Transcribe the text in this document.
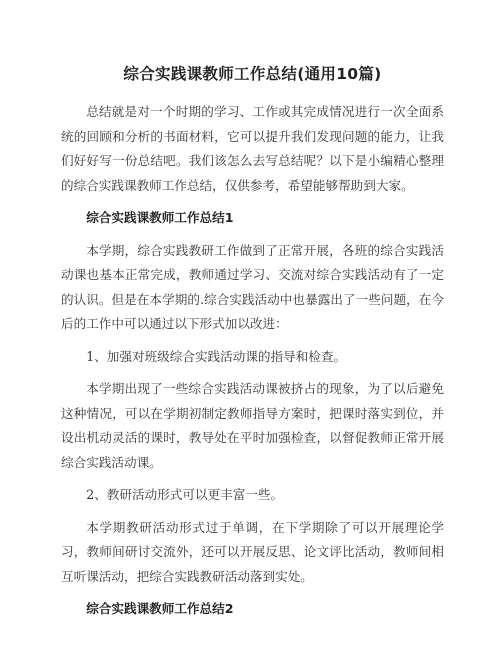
综合实践课教师工作总结(通用10篇)

总结就是对一个时期的学习、工作或其完成情况进行一次全面系统的回顾和分析的书面材料，它可以提升我们发现问题的能力，让我们好好写一份总结吧。我们该怎么去写总结呢？以下是小编精心整理的综合实践课教师工作总结，仅供参考，希望能够帮助到大家。

综合实践课教师工作总结1

本学期，综合实践教研工作做到了正常开展，各班的综合实践活动课也基本正常完成，教师通过学习、交流对综合实践活动有了一定的认识。但是在本学期的.综合实践活动中也暴露出了一些问题，在今后的工作中可以通过以下形式加以改进：

1、加强对班级综合实践活动课的指导和检查。

本学期出现了一些综合实践活动课被挤占的现象，为了以后避免这种情况，可以在学期初制定教师指导方案时，把课时落实到位，并设出机动灵活的课时，教导处在平时加强检查，以督促教师正常开展综合实践活动课。

2、教研活动形式可以更丰富一些。

本学期教研活动形式过于单调，在下学期除了可以开展理论学习，教师间研讨交流外，还可以开展反思、论文评比活动，教师间相互听课活动，把综合实践教研活动落到实处。

综合实践课教师工作总结2
